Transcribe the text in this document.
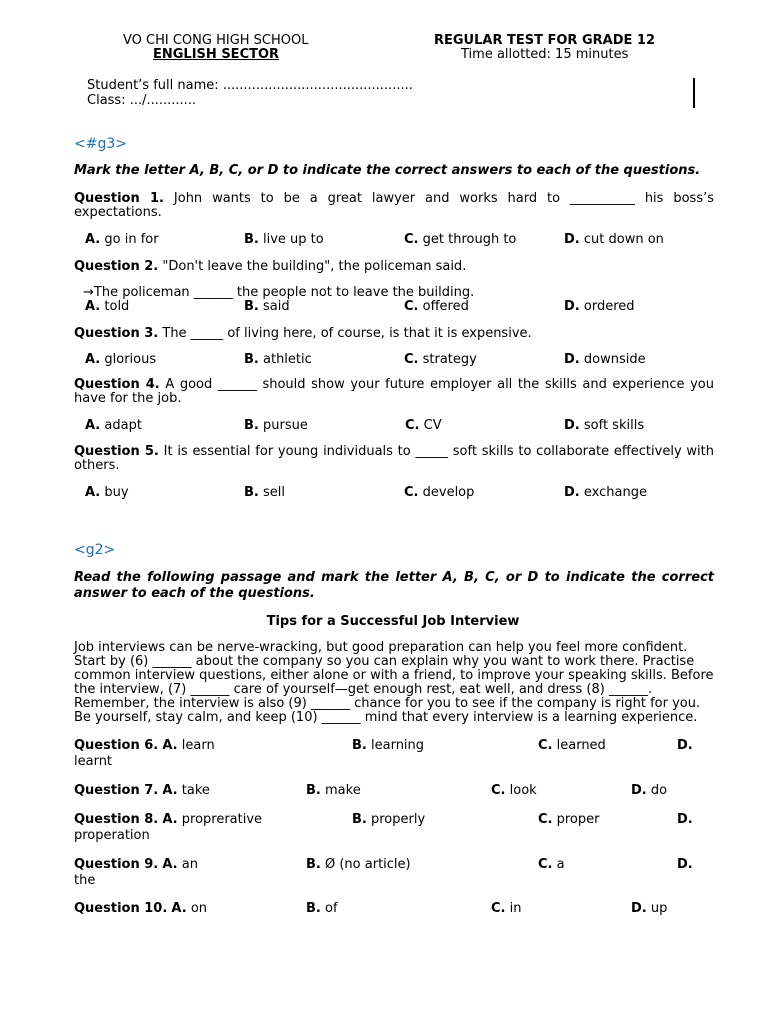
VO CHI CONG HIGH SCHOOL
ENGLISH SECTOR
REGULAR TEST FOR GRADE 12
Time allotted: 15 minutes
Student’s full name: ..............................................
Class: .../............
<#g3>
Mark the letter A, B, C, or D to indicate the correct answers to each of the questions.
Question 1. John wants to be a great lawyer and works hard to __________ his boss’s expectations.
A. go in for	B. live up to	C. get through to	D. cut down on
Question 2. "Don't leave the building", the policeman said.
→The policeman ______ the people not to leave the building.
A. told	B. said	C. offered	D. ordered
Question 3. The _____ of living here, of course, is that it is expensive.
A. glorious	B. athletic	C. strategy	D. downside
Question 4. A good ______ should show your future employer all the skills and experience you have for the job.
A. adapt	B. pursue	C. CV	D. soft skills
Question 5. It is essential for young individuals to _____ soft skills to collaborate effectively with others.
A. buy	B. sell	C. develop	D. exchange
<g2>
Read the following passage and mark the letter A, B, C, or D to indicate the correct answer to each of the questions.
Tips for a Successful Job Interview
Job interviews can be nerve-wracking, but good preparation can help you feel more confident.
Start by (6) ______ about the company so you can explain why you want to work there. Practise
common interview questions, either alone or with a friend, to improve your speaking skills. Before
the interview, (7) ______ care of yourself—get enough rest, eat well, and dress (8) ______.
Remember, the interview is also (9) ______ chance for you to see if the company is right for you.
Be yourself, stay calm, and keep (10) ______ mind that every interview is a learning experience.
Question 6. A. learn	B. learning	C. learned	D.
learnt
Question 7. A. take	B. make	C. look	D. do
Question 8. A. proprerative	B. properly	C. proper	D.
properation
Question 9. A. an	B. Ø (no article)	C. a	D.
the
Question 10. A. on	B. of	C. in	D. up
